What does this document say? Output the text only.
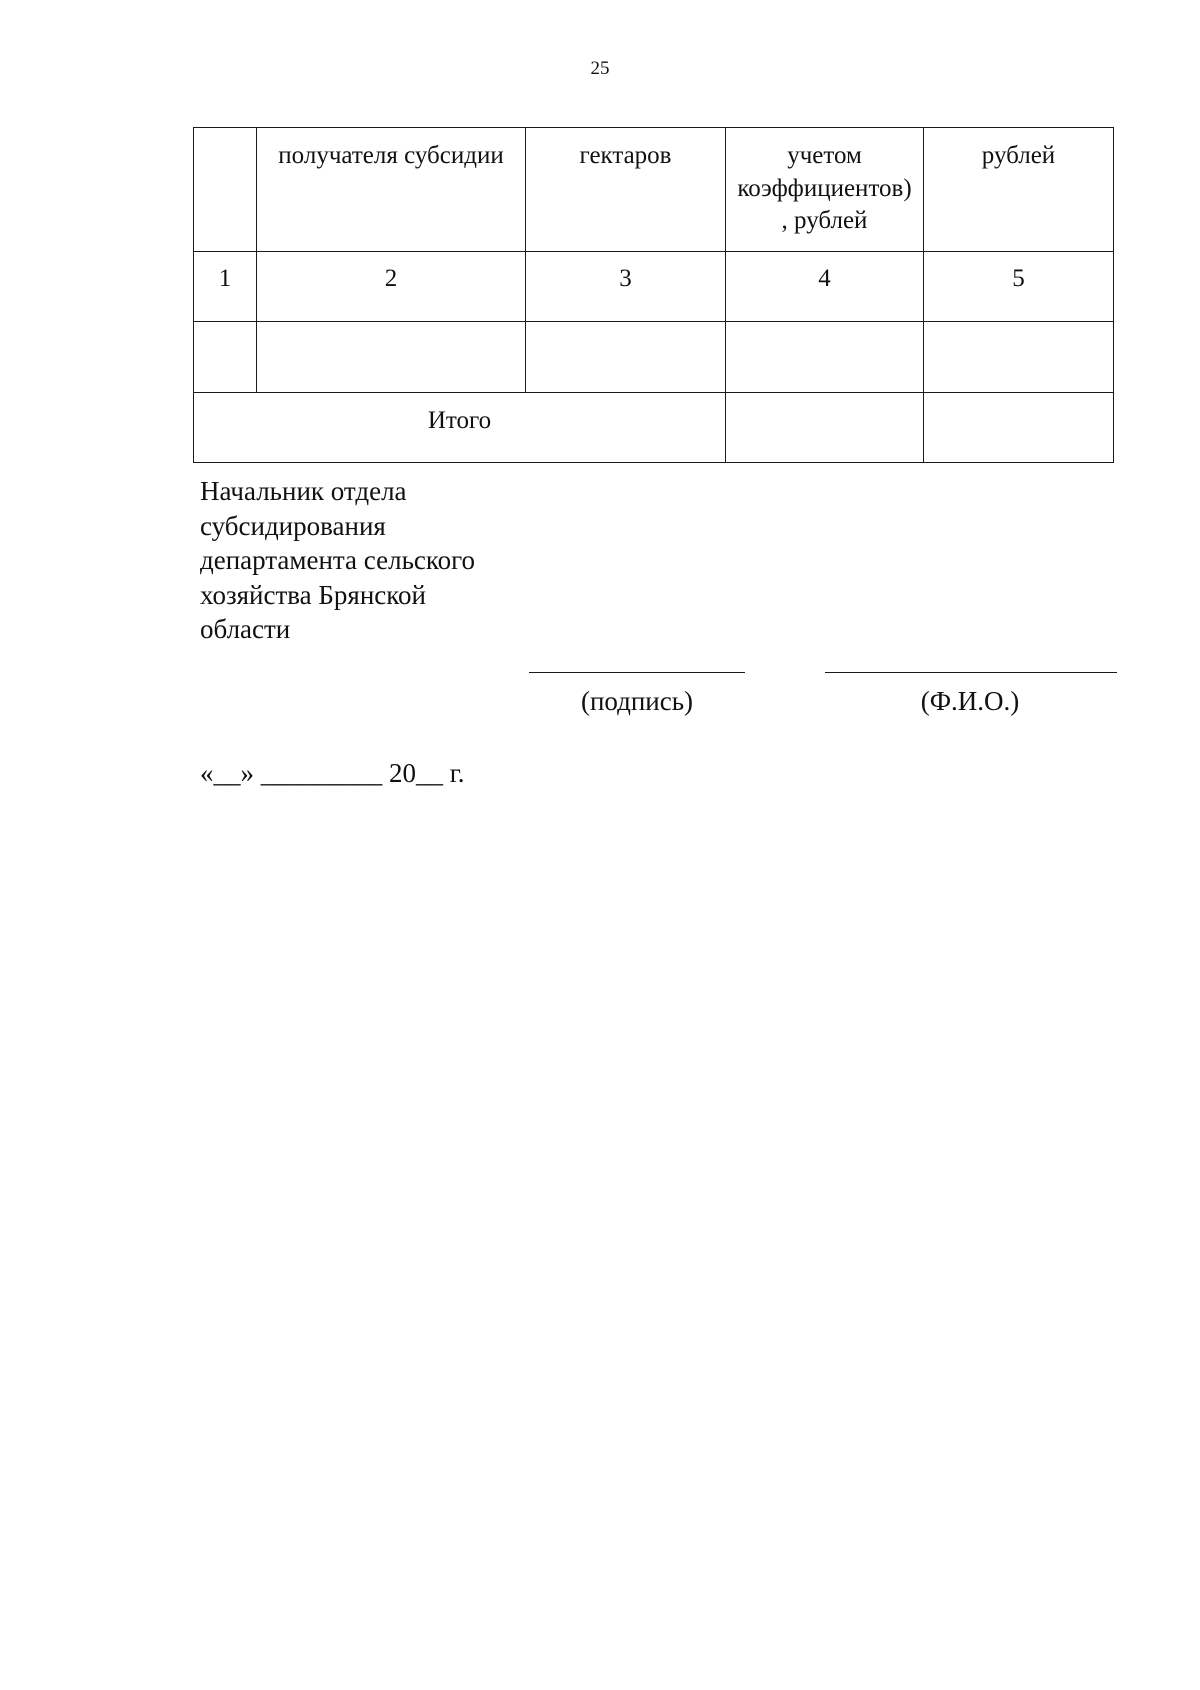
25
	получателя субсидии	гектаров	учетом
коэффициентов)
, рублей	рублей
1	2	3	4	5

Итого				
Начальник отдела
субсидирования
департамента сельского
хозяйства Брянской
области
(подпись)	(Ф.И.О.)
«__» _________ 20__ г.
